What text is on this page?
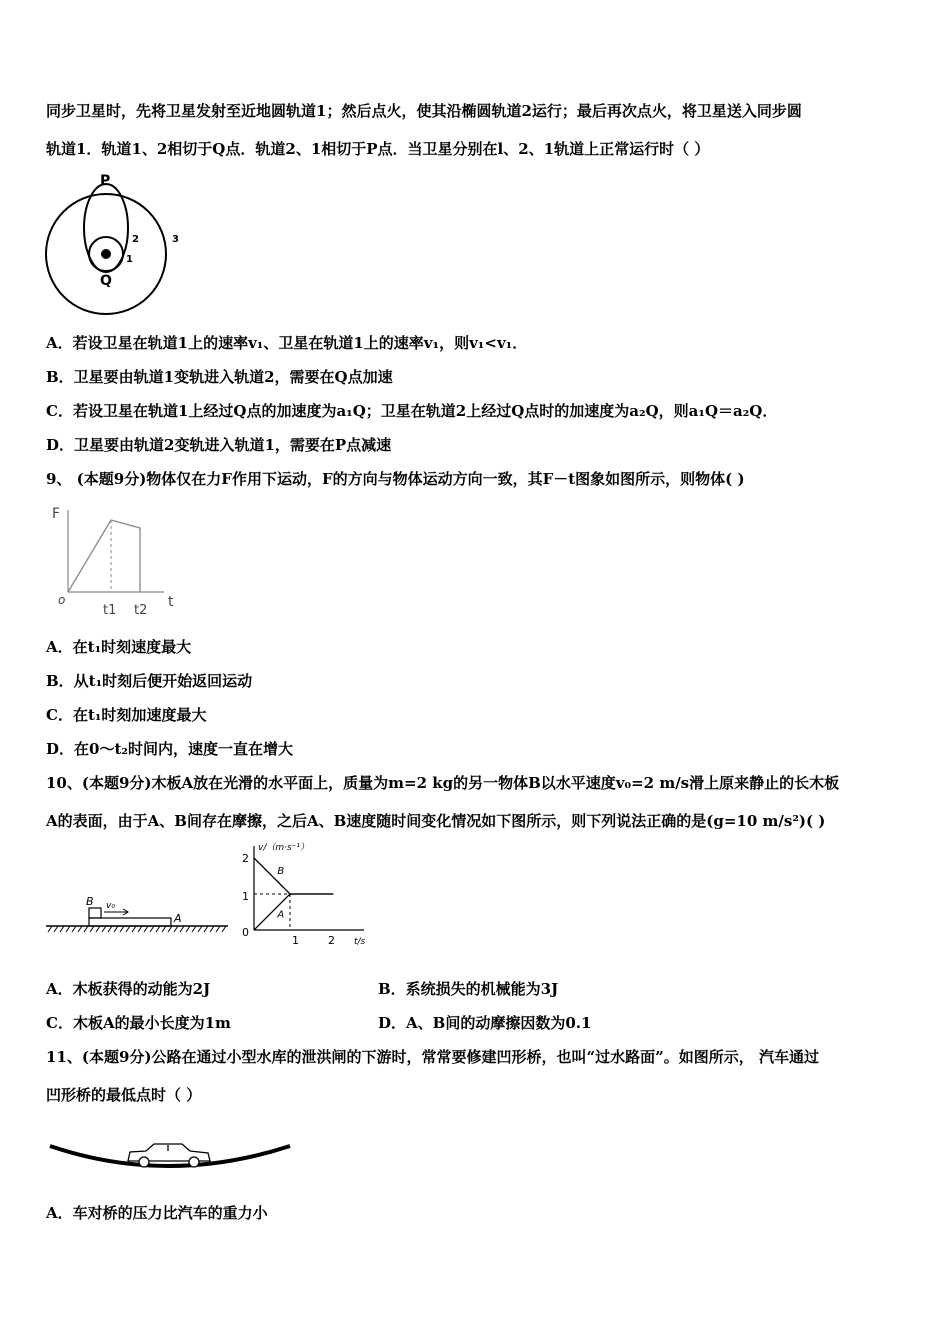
同步卫星时，先将卫星发射至近地圆轨道1；然后点火，使其沿椭圆轨道2运行；最后再次点火，将卫星送入同步圆
轨道1．轨道1、2相切于Q点．轨道2、1相切于P点．当卫星分别在l、2、1轨道上正常运行时（ ）
P
Q
1
2	3
A．若设卫星在轨道1上的速率v₁、卫星在轨道1上的速率v₁，则v₁<v₁．
B．卫星要由轨道1变轨进入轨道2，需要在Q点加速
C．若设卫星在轨道1上经过Q点的加速度为a₁Q；卫星在轨道2上经过Q点时的加速度为a₂Q，则a₁Q＝a₂Q．
D．卫星要由轨道2变轨进入轨道1，需要在P点减速
9、 (本题9分)物体仅在力F作用下运动，F的方向与物体运动方向一致，其F－t图象如图所示，则物体( )
F
t
o
t1 t2
A．在t₁时刻速度最大
B．从t₁时刻后便开始返回运动
C．在t₁时刻加速度最大
D．在0～t₂时间内，速度一直在增大
10、(本题9分)木板A放在光滑的水平面上，质量为m=2 kg的另一物体B以水平速度v₀=2 m/s滑上原来静止的长木板
A的表面，由于A、B间存在摩擦，之后A、B速度随时间变化情况如下图所示，则下列说法正确的是(g=10 m/s²)( )
B v₀
A
v/（m·s⁻¹）
t/s
2
1
0
1	2
B
A
A．木板获得的动能为2J	B．系统损失的机械能为3J
C．木板A的最小长度为1m	D．A、B间的动摩擦因数为0.1
11、(本题9分)公路在通过小型水库的泄洪闸的下游时，常常要修建凹形桥，也叫“过水路面”。如图所示， 汽车通过
凹形桥的最低点时（ ）
A．车对桥的压力比汽车的重力小
